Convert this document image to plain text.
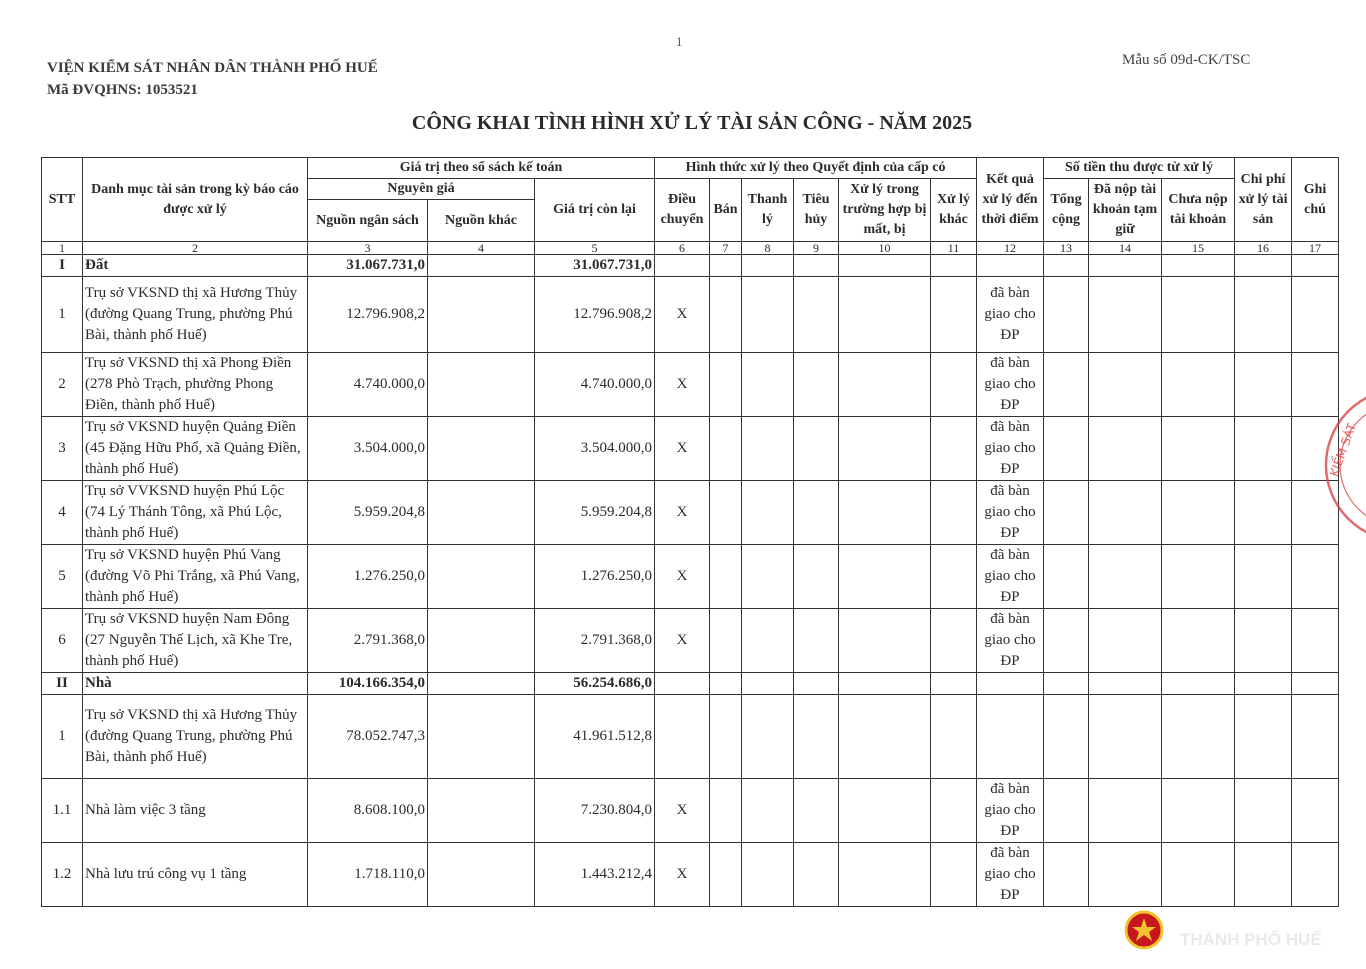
1
VIỆN KIỂM SÁT NHÂN DÂN THÀNH PHỐ HUẾ
Mã ĐVQHNS: 1053521
Mẫu số 09d-CK/TSC
CÔNG KHAI TÌNH HÌNH XỬ LÝ TÀI SẢN CÔNG - NĂM 2025
STT	Danh mục tài sản trong kỳ báo cáo được xử lý	Giá trị theo sổ sách kế toán			Hình thức xử lý theo Quyết định của cấp có						Kết quả xử lý đến thời điểm	Số tiền thu được từ xử lý			Chi phí xử lý tài sản	Ghi chú
		Nguyên giá		Giá trị còn lại	Điều chuyển	Bán	Thanh lý	Tiêu hủy	Xử lý trong trường hợp bị mất, bị	Xử lý khác		Tổng cộng	Đã nộp tài khoản tạm giữ	Chưa nộp tài khoản		
		Nguồn ngân sách	Nguồn khác													
1	2	3	4	5	6	7	8	9	10	11	12	13	14	15	16	17
I	Đất	31.067.731,0		31.067.731,0												
1	Trụ sở VKSND thị xã Hương Thủy (đường Quang Trung, phường Phú Bài, thành phố Huế)	12.796.908,2		12.796.908,2	X						đã bàn giao cho ĐP					
2	Trụ sở VKSND thị xã Phong Điền (278 Phò Trạch, phường Phong Điền, thành phố Huế)	4.740.000,0		4.740.000,0	X						đã bàn giao cho ĐP					
3	Trụ sở VKSND huyện Quảng Điền (45 Đặng Hữu Phổ, xã Quảng Điền, thành phố Huế)	3.504.000,0		3.504.000,0	X						đã bàn giao cho ĐP					
4	Trụ sở VVKSND huyện Phú Lộc (74 Lý Thánh Tông, xã Phú Lộc, thành phố Huế)	5.959.204,8		5.959.204,8	X						đã bàn giao cho ĐP					
5	Trụ sở VKSND huyện Phú Vang (đường Võ Phi Trắng, xã Phú Vang, thành phố Huế)	1.276.250,0		1.276.250,0	X						đã bàn giao cho ĐP					
6	Trụ sở VKSND huyện Nam Đông (27 Nguyễn Thế Lịch, xã Khe Tre, thành phố Huế)	2.791.368,0		2.791.368,0	X						đã bàn giao cho ĐP					
II	Nhà	104.166.354,0		56.254.686,0												
1	Trụ sở VKSND thị xã Hương Thủy (đường Quang Trung, phường Phú Bài, thành phố Huế)	78.052.747,3		41.961.512,8												
1.1	Nhà làm việc 3 tầng	8.608.100,0		7.230.804,0	X						đã bàn giao cho ĐP					
1.2	Nhà lưu trú công vụ 1 tầng	1.718.110,0		1.443.212,4	X						đã bàn giao cho ĐP					
KIỂM SÁT
THÀNH PHỐ HUẾ
